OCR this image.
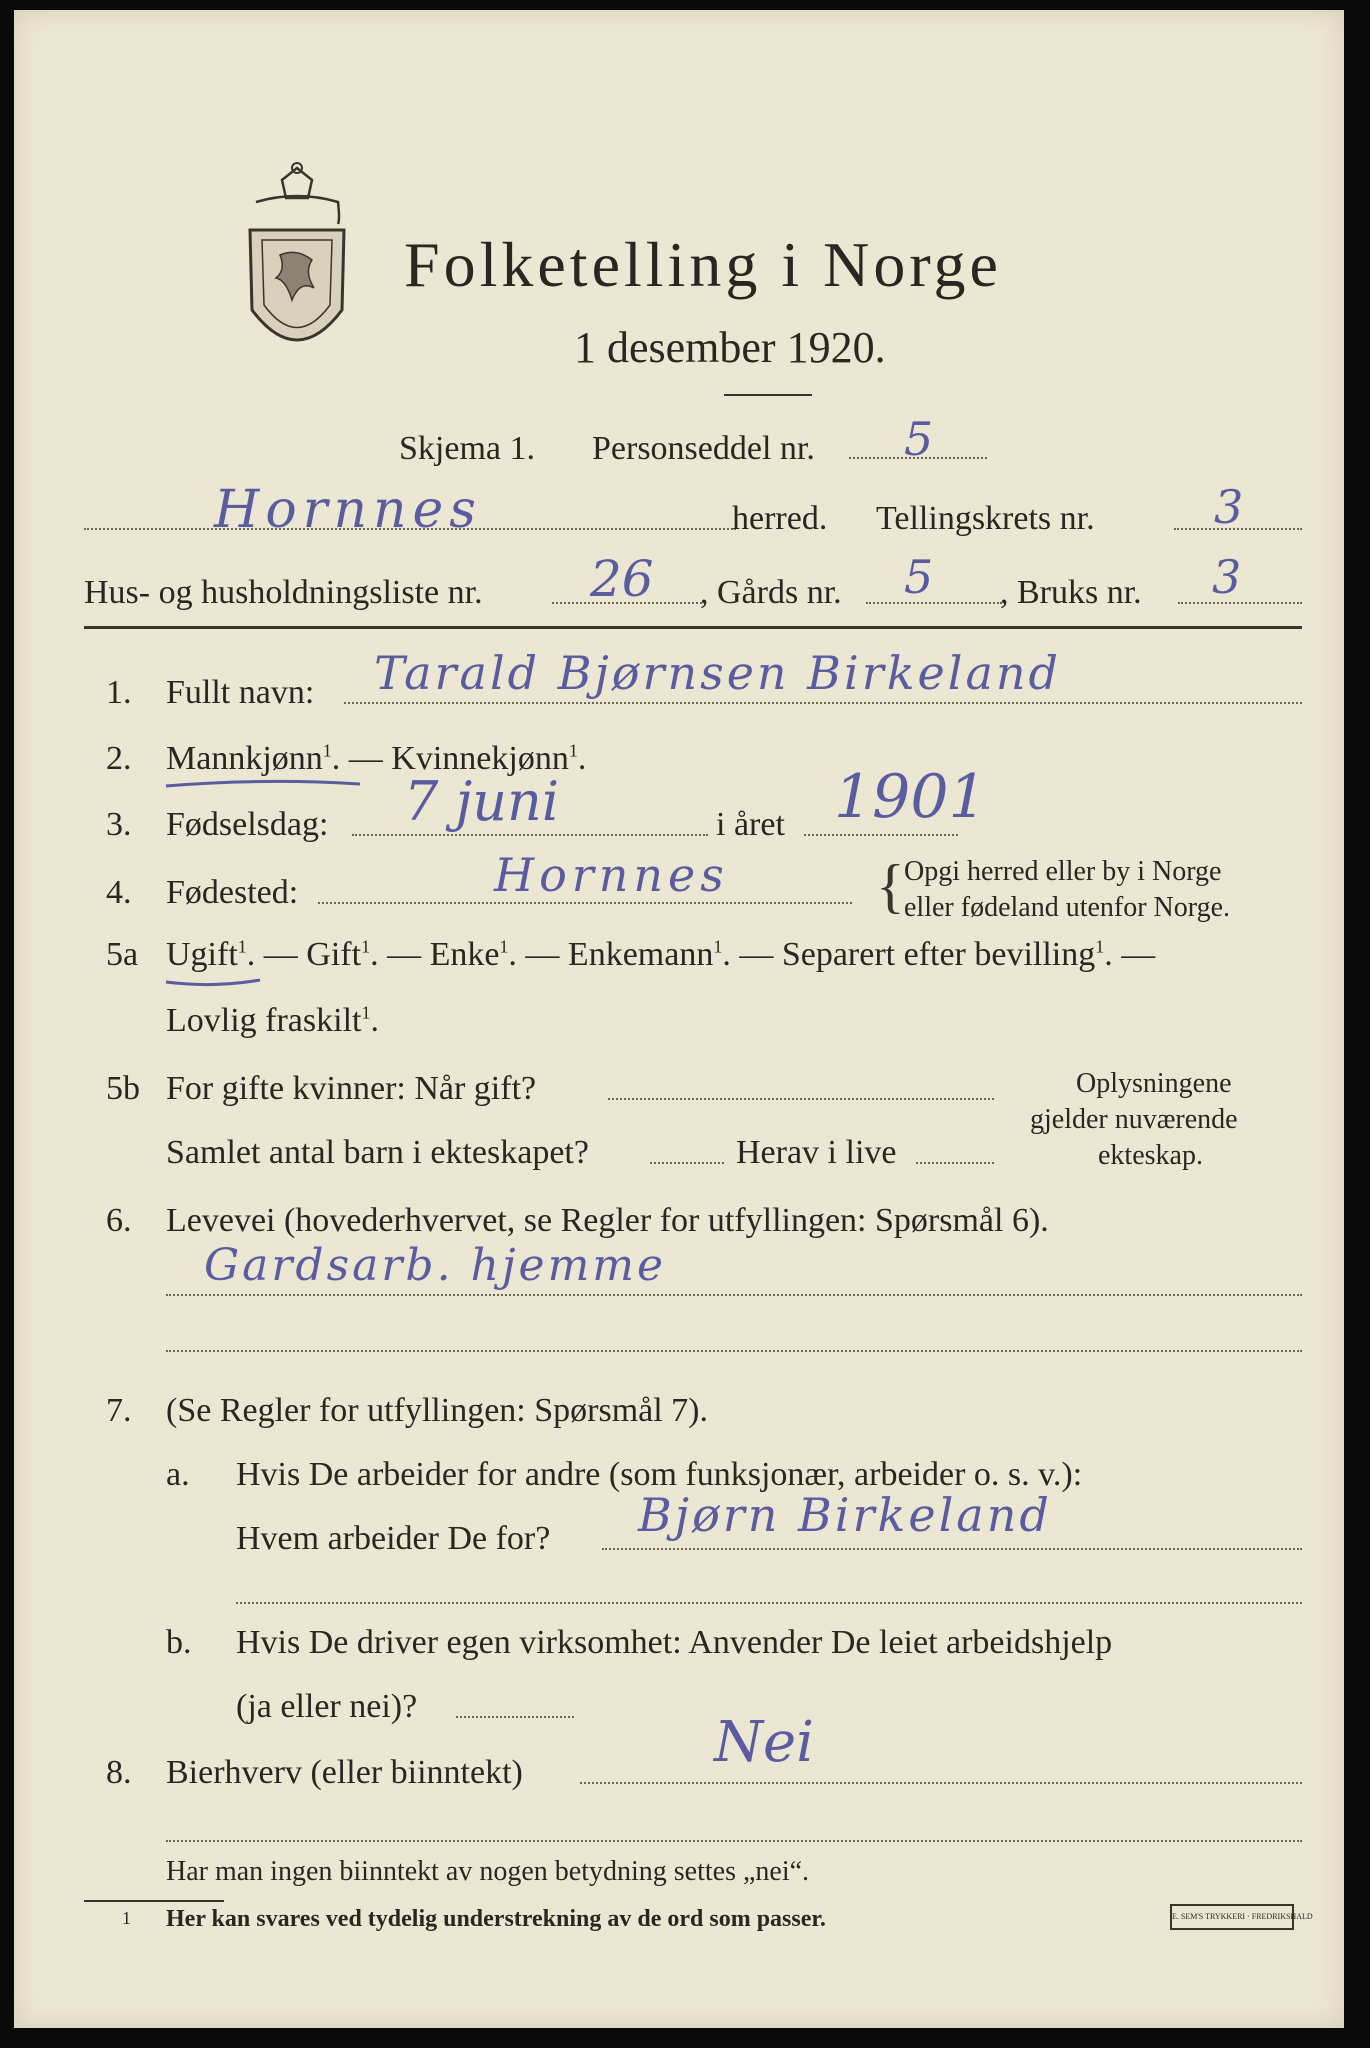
Folketelling i Norge
1 desember 1920.
Skjema 1. Personseddel nr. 5
Hornnes	herred. Tellingskrets nr.	3
Hus- og husholdningsliste nr. 26 , Gårds nr. 5 , Bruks nr. 3
1. Fullt navn: Tarald Bjørnsen Birkeland
2. Mannkjønn$^1$. — Kvinnekjønn$^1$.
3. Fødselsdag: 7 juni	i året 1901
4. Fødested:	Hornnes { Opgi herred eller by i Norge
eller fødeland utenfor Norge.
5a Ugift$^1$. — Gift$^1$. — Enke$^1$. — Enkemann$^1$. — Separert efter bevilling$^1$. —
Lovlig fraskilt$^1$.
5b For gifte kvinner: Når gift?
Samlet antal barn i ekteskapet?	Herav i live
Oplysningene
gjelder nuværende
ekteskap.
6. Levevei (hovederhvervet, se Regler for utfyllingen: Spørsmål 6).
Gardsarb. hjemme
7. (Se Regler for utfyllingen: Spørsmål 7).
a. Hvis De arbeider for andre (som funksjonær, arbeider o. s. v.):
Hvem arbeider De for? Bjørn Birkeland
b. Hvis De driver egen virksomhet: Anvender De leiet arbeidshjelp
(ja eller nei)?
8. Bierhverv (eller biinntekt)	Nei
Har man ingen biinntekt av nogen betydning settes „nei“.
1 Her kan svares ved tydelig understrekning av de ord som passer.	E. SEM'S TRYKKERI · FREDRIKSHALD
